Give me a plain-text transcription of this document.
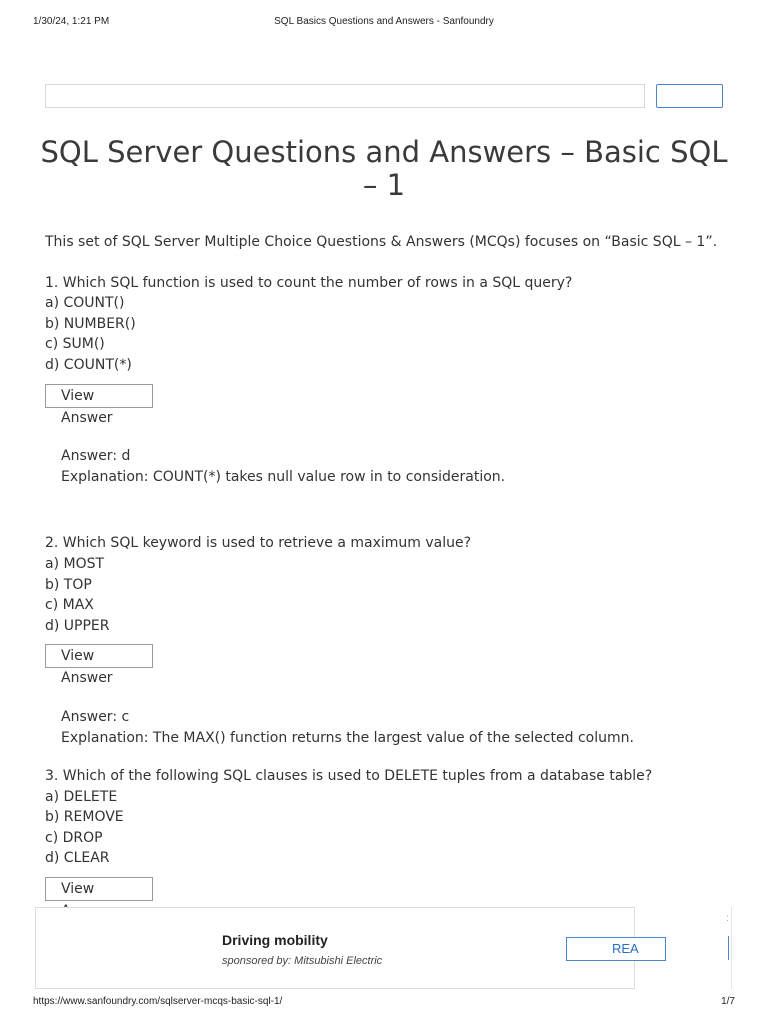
1/30/24, 1:21 PM	SQL Basics Questions and Answers - Sanfoundry
SQL Server Questions and Answers – Basic SQL – 1

This set of SQL Server Multiple Choice Questions & Answers (MCQs) focuses on “Basic SQL – 1”.

1. Which SQL function is used to count the number of rows in a SQL query?

a) COUNT()

b) NUMBER()

c) SUM()

d) COUNT(*)

View Answer

Answer: d

Explanation: COUNT(*) takes null value row in to consideration.

2. Which SQL keyword is used to retrieve a maximum value?

a) MOST

b) TOP

c) MAX

d) UPPER

View Answer

Answer: c

Explanation: The MAX() function returns the largest value of the selected column.

3. Which of the following SQL clauses is used to DELETE tuples from a database table?

a) DELETE

b) REMOVE

c) DROP

d) CLEAR

View

Driving mobility
sponsored by: Mitsubishi Electric
REA
:
https://www.sanfoundry.com/sqlserver-mcqs-basic-sql-1/	1/7
